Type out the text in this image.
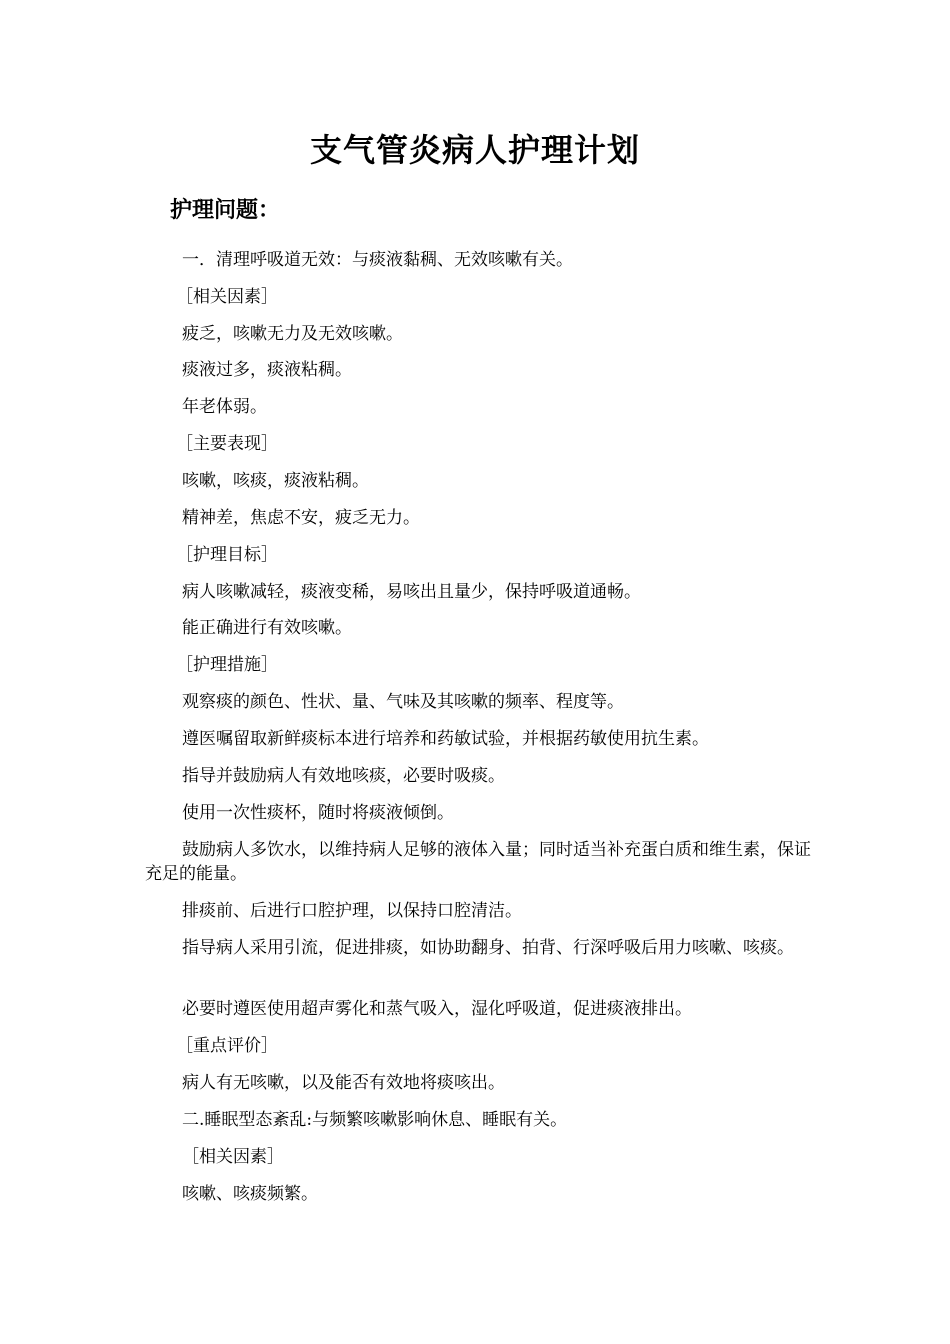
支气管炎病人护理计划
护理问题：
一．清理呼吸道无效：与痰液黏稠、无效咳嗽有关。
［相关因素］
疲乏，咳嗽无力及无效咳嗽。
痰液过多，痰液粘稠。
年老体弱。
［主要表现］
咳嗽，咳痰，痰液粘稠。
精神差，焦虑不安，疲乏无力。
［护理目标］
病人咳嗽减轻，痰液变稀，易咳出且量少，保持呼吸道通畅。
能正确进行有效咳嗽。
［护理措施］
观察痰的颜色、性状、量、气味及其咳嗽的频率、程度等。
遵医嘱留取新鲜痰标本进行培养和药敏试验，并根据药敏使用抗生素。
指导并鼓励病人有效地咳痰，必要时吸痰。
使用一次性痰杯，随时将痰液倾倒。
鼓励病人多饮水，以维持病人足够的液体入量；同时适当补充蛋白质和维生素，保证充足的能量。
排痰前、后进行口腔护理，以保持口腔清洁。
指导病人采用引流，促进排痰，如协助翻身、拍背、行深呼吸后用力咳嗽、咳痰。
必要时遵医使用超声雾化和蒸气吸入，湿化呼吸道，促进痰液排出。
［重点评价］
病人有无咳嗽，以及能否有效地将痰咳出。
二.睡眠型态紊乱:与频繁咳嗽影响休息、睡眠有关。
［相关因素］
咳嗽、咳痰频繁。
